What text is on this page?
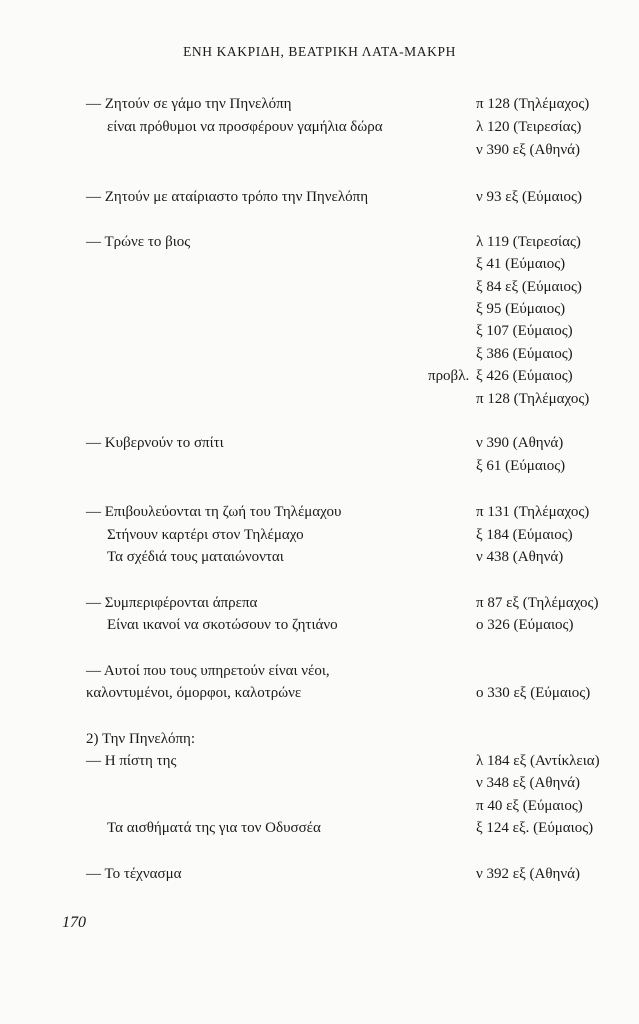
ΕΝΗ ΚΑΚΡΙΔΗ, ΒΕΑΤΡΙΚΗ ΛΑΤΑ-ΜΑΚΡΗ
— Ζητούν σε γάμο την Πηνελόπη
είναι πρόθυμοι να προσφέρουν γαμήλια δώρα
— Ζητούν με αταίριαστο τρόπο την Πηνελόπη
— Τρώνε το βιος
— Κυβερνούν το σπίτι
— Επιβουλεύονται τη ζωή του Τηλέμαχου
Στήνουν καρτέρι στον Τηλέμαχο
Τα σχέδιά τους ματαιώνονται
— Συμπεριφέρονται άπρεπα
Είναι ικανοί να σκοτώσουν το ζητιάνο
— Αυτοί που τους υπηρετούν είναι νέοι,
καλοντυμένοι, όμορφοι, καλοτρώνε
2) Την Πηνελόπη:
— Η πίστη της
Τα αισθήματά της για τον Οδυσσέα
— Το τέχνασμα
π 128 (Τηλέμαχος)
λ 120 (Τειρεσίας)
ν 390 εξ (Αθηνά)
ν 93 εξ (Εύμαιος)
λ 119 (Τειρεσίας)
ξ 41 (Εύμαιος)
ξ 84 εξ (Εύμαιος)
ξ 95 (Εύμαιος)
ξ 107 (Εύμαιος)
ξ 386 (Εύμαιος)
προβλ. ξ 426 (Εύμαιος)
π 128 (Τηλέμαχος)
ν 390 (Αθηνά)
ξ 61 (Εύμαιος)
π 131 (Τηλέμαχος)
ξ 184 (Εύμαιος)
ν 438 (Αθηνά)
π 87 εξ (Τηλέμαχος)
ο 326 (Εύμαιος)
ο 330 εξ (Εύμαιος)
λ 184 εξ (Αντίκλεια)
ν 348 εξ (Αθηνά)
π 40 εξ (Εύμαιος)
ξ 124 εξ. (Εύμαιος)
ν 392 εξ (Αθηνά)
170
